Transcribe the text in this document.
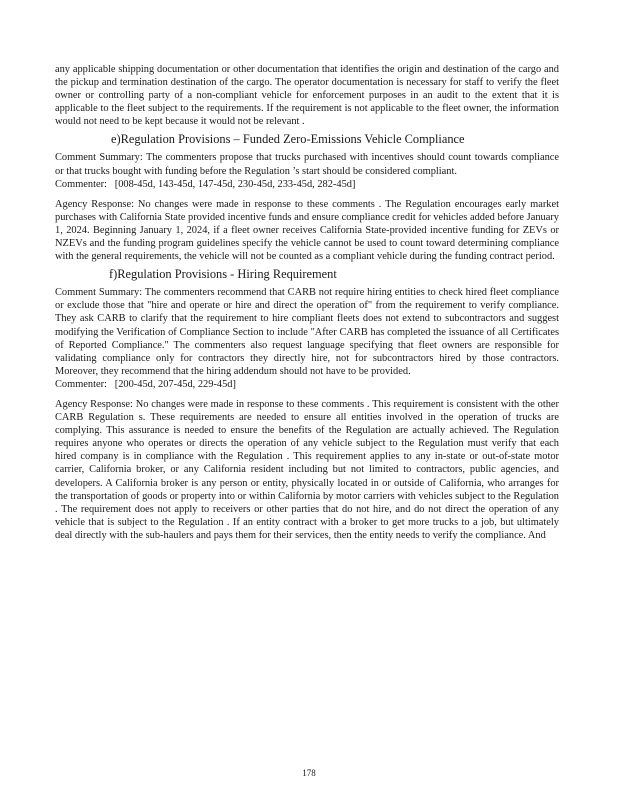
any applicable shipping documentation or other documentation that identifies the origin and destination of the cargo and the pickup and termination destination of the cargo. The operator documentation is necessary for staff to verify the fleet owner or controlling party of a non-compliant vehicle for enforcement purposes in an audit to the extent that it is applicable to the fleet subject to the requirements. If the requirement is not applicable to the fleet owner, the information would not need to be kept because it would not be relevant .

e)Regulation Provisions – Funded Zero-Emissions Vehicle Compliance

Comment Summary: The commenters propose that trucks purchased with incentives should count towards compliance or that trucks bought with funding before the Regulation ’s start should be considered compliant.

Commenter: [008-45d, 143-45d, 147-45d, 230-45d, 233-45d, 282-45d]

Agency Response: No changes were made in response to these comments . The Regulation encourages early market purchases with California State provided incentive funds and ensure compliance credit for vehicles added before January 1, 2024. Beginning January 1, 2024, if a fleet owner receives California State-provided incentive funding for ZEVs or NZEVs and the funding program guidelines specify the vehicle cannot be used to count toward determining compliance with the general requirements, the vehicle will not be counted as a compliant vehicle during the funding contract period.

f)Regulation Provisions - Hiring Requirement

Comment Summary: The commenters recommend that CARB not require hiring entities to check hired fleet compliance or exclude those that "hire and operate or hire and direct the operation of" from the requirement to verify compliance. They ask CARB to clarify that the requirement to hire compliant fleets does not extend to subcontractors and suggest modifying the Verification of Compliance Section to include "After CARB has completed the issuance of all Certificates of Reported Compliance." The commenters also request language specifying that fleet owners are responsible for validating compliance only for contractors they directly hire, not for subcontractors hired by those contractors. Moreover, they recommend that the hiring addendum should not have to be provided.

Commenter: [200-45d, 207-45d, 229-45d]

Agency Response: No changes were made in response to these comments . This requirement is consistent with the other CARB Regulation s. These requirements are needed to ensure all entities involved in the operation of trucks are complying. This assurance is needed to ensure the benefits of the Regulation are actually achieved. The Regulation requires anyone who operates or directs the operation of any vehicle subject to the Regulation must verify that each hired company is in compliance with the Regulation . This requirement applies to any in-state or out-of-state motor carrier, California broker, or any California resident including but not limited to contractors, public agencies, and developers. A California broker is any person or entity, physically located in or outside of California, who arranges for the transportation of goods or property into or within California by motor carriers with vehicles subject to the Regulation . The requirement does not apply to receivers or other parties that do not hire, and do not direct the operation of any vehicle that is subject to the Regulation . If an entity contract with a broker to get more trucks to a job, but ultimately deal directly with the sub-haulers and pays them for their services, then the entity needs to verify the compliance. And

178
